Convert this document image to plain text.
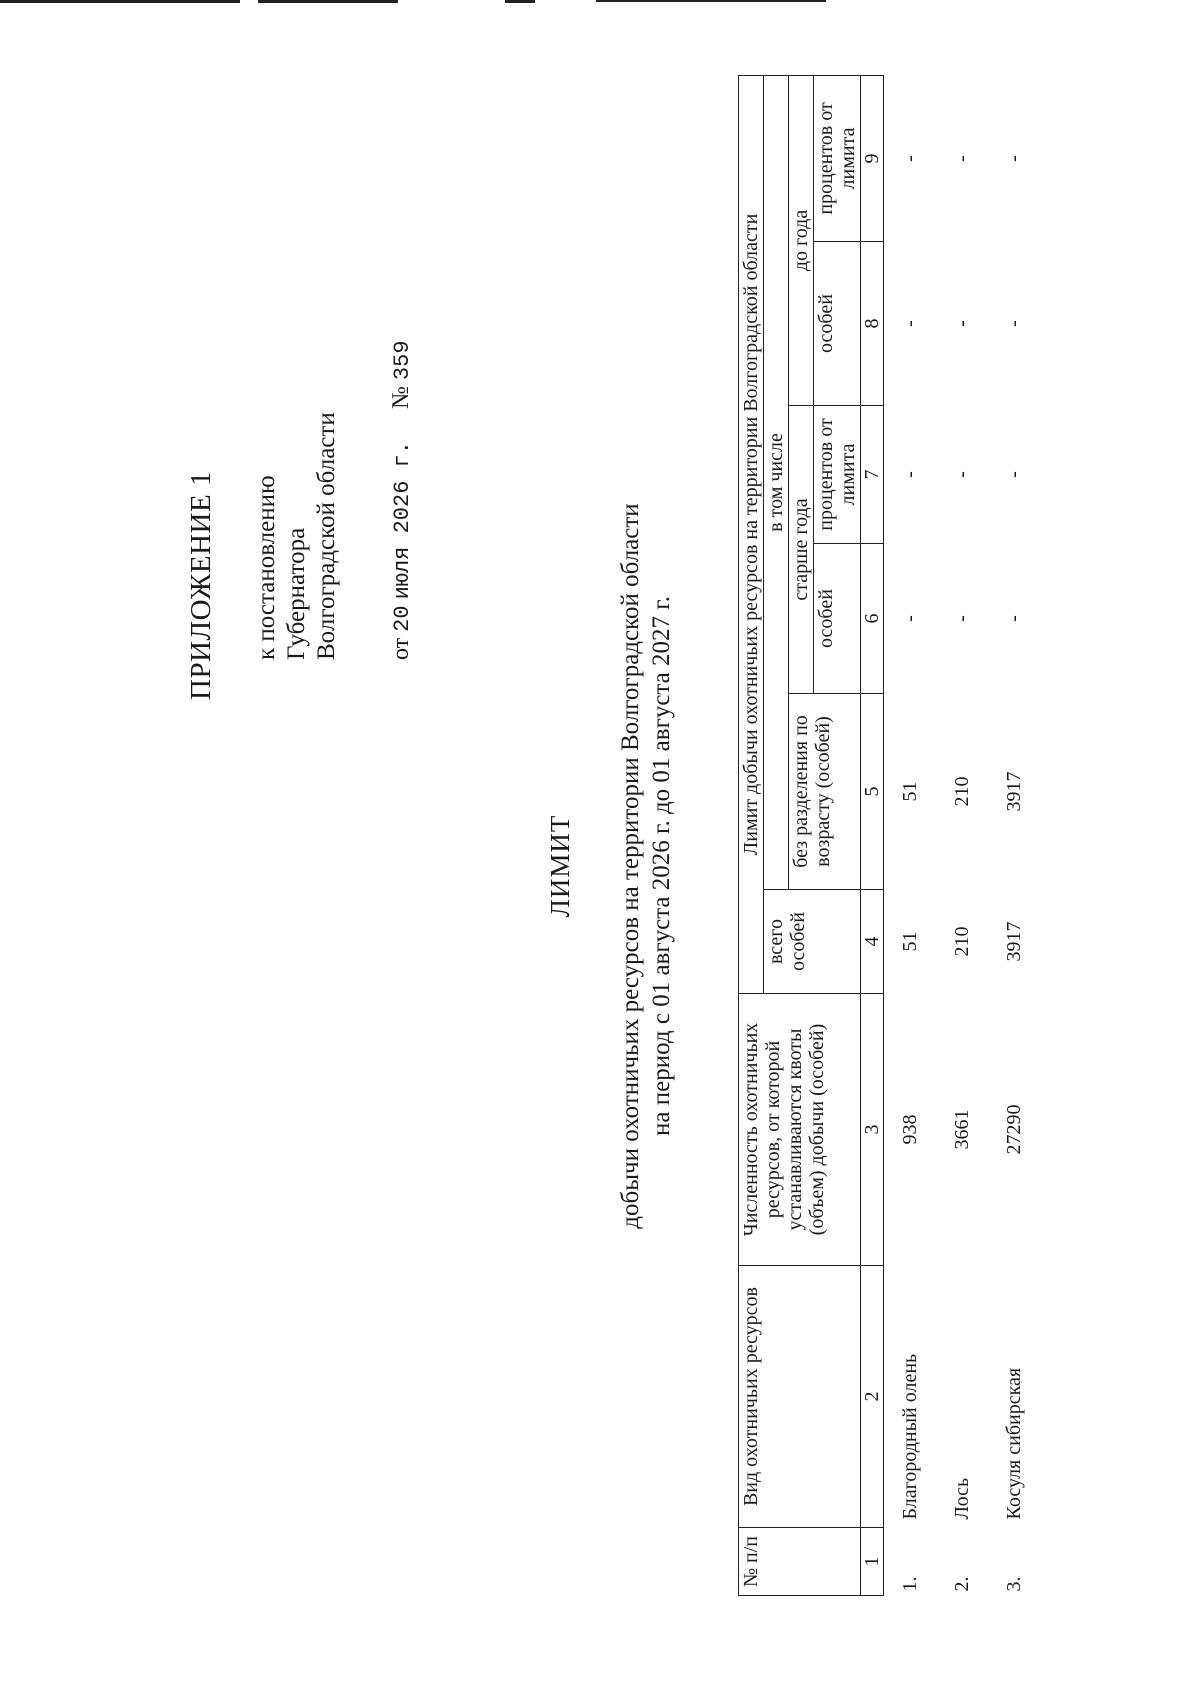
ПРИЛОЖЕНИЕ 1 к постановлению Губернатора Волгоградской области от 20 июля 2026 г. № 359
ЛИМИТ добычи охотничьих ресурсов на территории Волгоградской области на период с 01 августа 2026 г. до 01 августа 2027 г.
№ п/п	Вид охотничьих ресурсов	Численность охотничьих ресурсов, от которой устанавливаются квоты (объем) добычи (особей)	Лимит добычи охотничьих ресурсов на территории Волгоградской области					
			всего особей	в том числе				
				без разделения по возрасту (особей)	старше года		до года	
					особей	процентов от лимита	особей	процентов от лимита
1	2	3	4	5	6	7	8	9
1.	Благородный олень	938	51	51	-	-	-	-
2.	Лось	3661	210	210	-	-	-	-
3.	Косуля сибирская	27290	3917	3917	-	-	-	-
